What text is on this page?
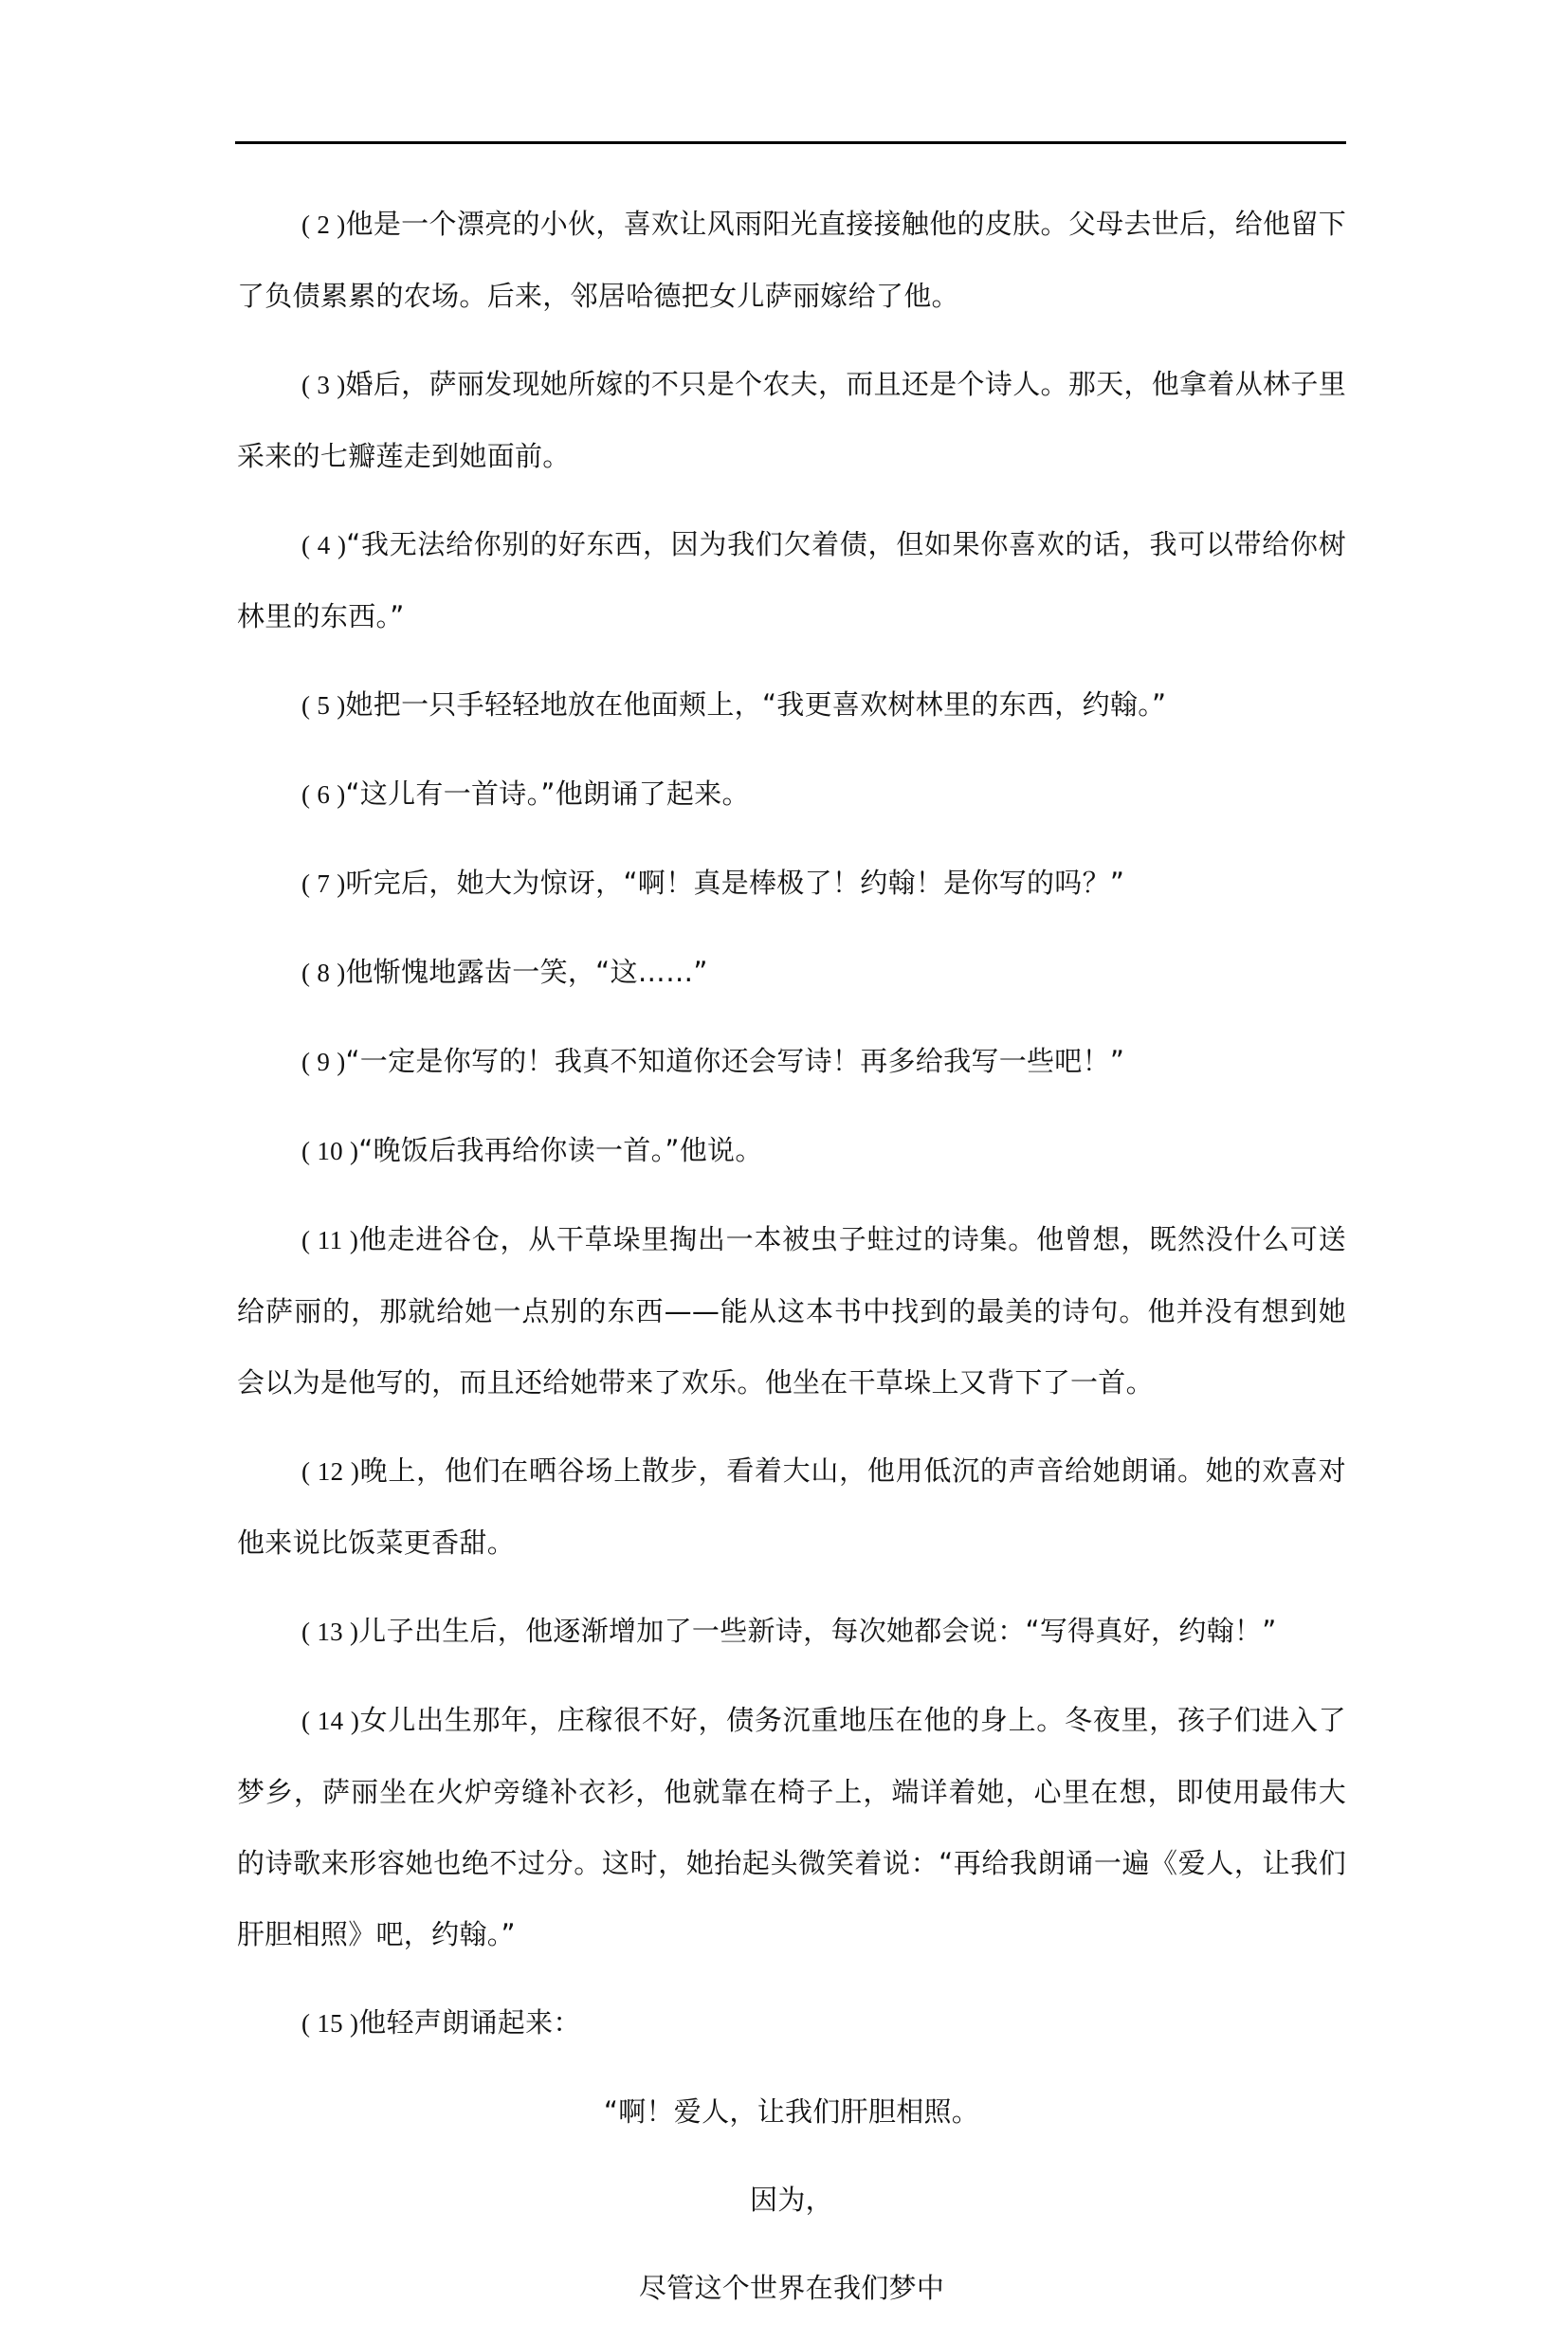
( 2 )他是一个漂亮的小伙，喜欢让风雨阳光直接接触他的皮肤。父母去世后，给他留下了负债累累的农场。后来，邻居哈德把女儿萨丽嫁给了他。

( 3 )婚后，萨丽发现她所嫁的不只是个农夫，而且还是个诗人。那天，他拿着从林子里采来的七瓣莲走到她面前。

( 4 )“我无法给你别的好东西，因为我们欠着债，但如果你喜欢的话，我可以带给你树林里的东西。”

( 5 )她把一只手轻轻地放在他面颊上，“我更喜欢树林里的东西，约翰。”

( 6 )“这儿有一首诗。”他朗诵了起来。

( 7 )听完后，她大为惊讶，“啊！真是棒极了！约翰！是你写的吗？”

( 8 )他惭愧地露齿一笑，“这……”

( 9 )“一定是你写的！我真不知道你还会写诗！再多给我写一些吧！”

( 10 )“晚饭后我再给你读一首。”他说。

( 11 )他走进谷仓，从干草垛里掏出一本被虫子蛀过的诗集。他曾想，既然没什么可送给萨丽的，那就给她一点别的东西——能从这本书中找到的最美的诗句。他并没有想到她会以为是他写的，而且还给她带来了欢乐。他坐在干草垛上又背下了一首。

( 12 )晚上，他们在晒谷场上散步，看着大山，他用低沉的声音给她朗诵。她的欢喜对他来说比饭菜更香甜。

( 13 )儿子出生后，他逐渐增加了一些新诗，每次她都会说：“写得真好，约翰！”

( 14 )女儿出生那年，庄稼很不好，债务沉重地压在他的身上。冬夜里，孩子们进入了梦乡，萨丽坐在火炉旁缝补衣衫，他就靠在椅子上，端详着她，心里在想，即使用最伟大的诗歌来形容她也绝不过分。这时，她抬起头微笑着说：“再给我朗诵一遍《爱人，让我们肝胆相照》吧，约翰。”

( 15 )他轻声朗诵起来：

“啊！爱人，让我们肝胆相照。

因为，

尽管这个世界在我们梦中
